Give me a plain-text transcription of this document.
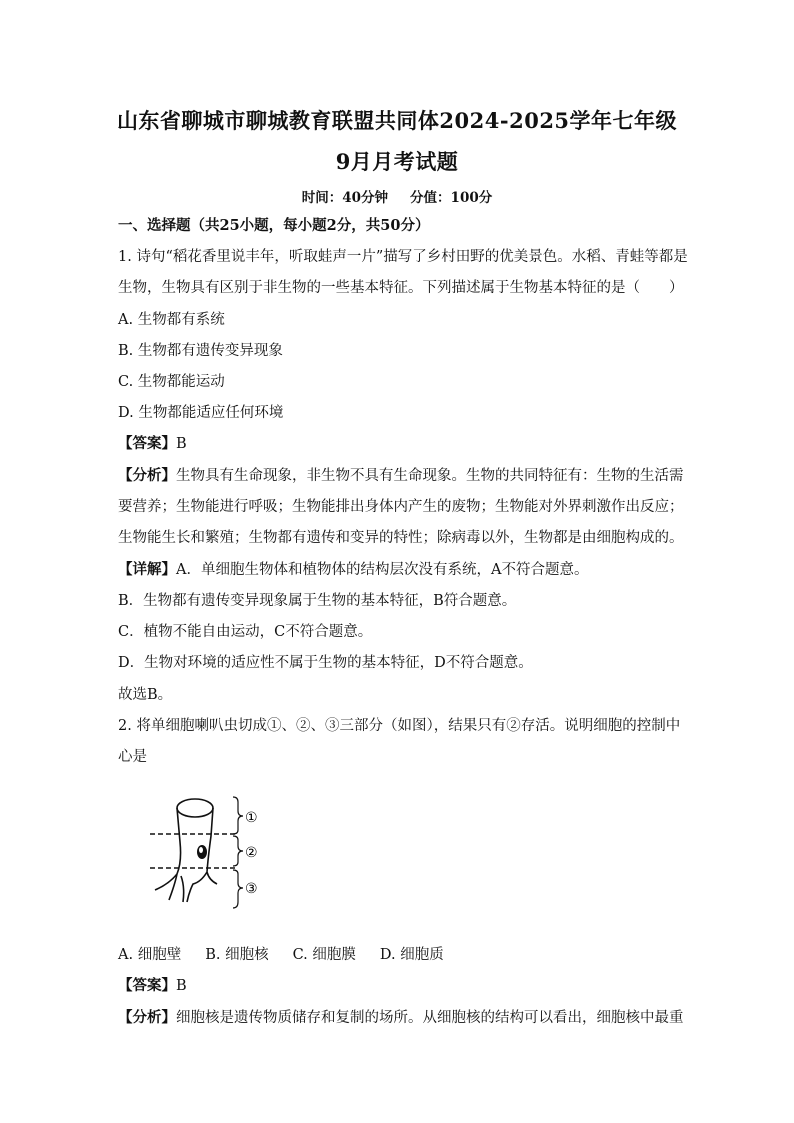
山东省聊城市聊城教育联盟共同体2024-2025学年七年级
9月月考试题
时间：40分钟 分值：100分
一、选择题（共25小题，每小题2分，共50分）
1. 诗句“稻花香里说丰年，听取蛙声一片”描写了乡村田野的优美景色。水稻、青蛙等都是
生物，生物具有区别于非生物的一些基本特征。下列描述属于生物基本特征的是（　　）
A. 生物都有系统
B. 生物都有遗传变异现象
C. 生物都能运动
D. 生物都能适应任何环境
【答案】B
【分析】生物具有生命现象，非生物不具有生命现象。生物的共同特征有：生物的生活需
要营养；生物能进行呼吸；生物能排出身体内产生的废物；生物能对外界刺激作出反应；
生物能生长和繁殖；生物都有遗传和变异的特性；除病毒以外，生物都是由细胞构成的。
【详解】A．单细胞生物体和植物体的结构层次没有系统，A不符合题意。
B．生物都有遗传变异现象属于生物的基本特征，B符合题意。
C．植物不能自由运动，C不符合题意。
D．生物对环境的适应性不属于生物的基本特征，D不符合题意。
故选B。
2. 将单细胞喇叭虫切成①、②、③三部分（如图），结果只有②存活。说明细胞的控制中
心是
①
②
③
A. 细胞壁 B. 细胞核 C. 细胞膜 D. 细胞质
【答案】B
【分析】细胞核是遗传物质储存和复制的场所。从细胞核的结构可以看出，细胞核中最重
